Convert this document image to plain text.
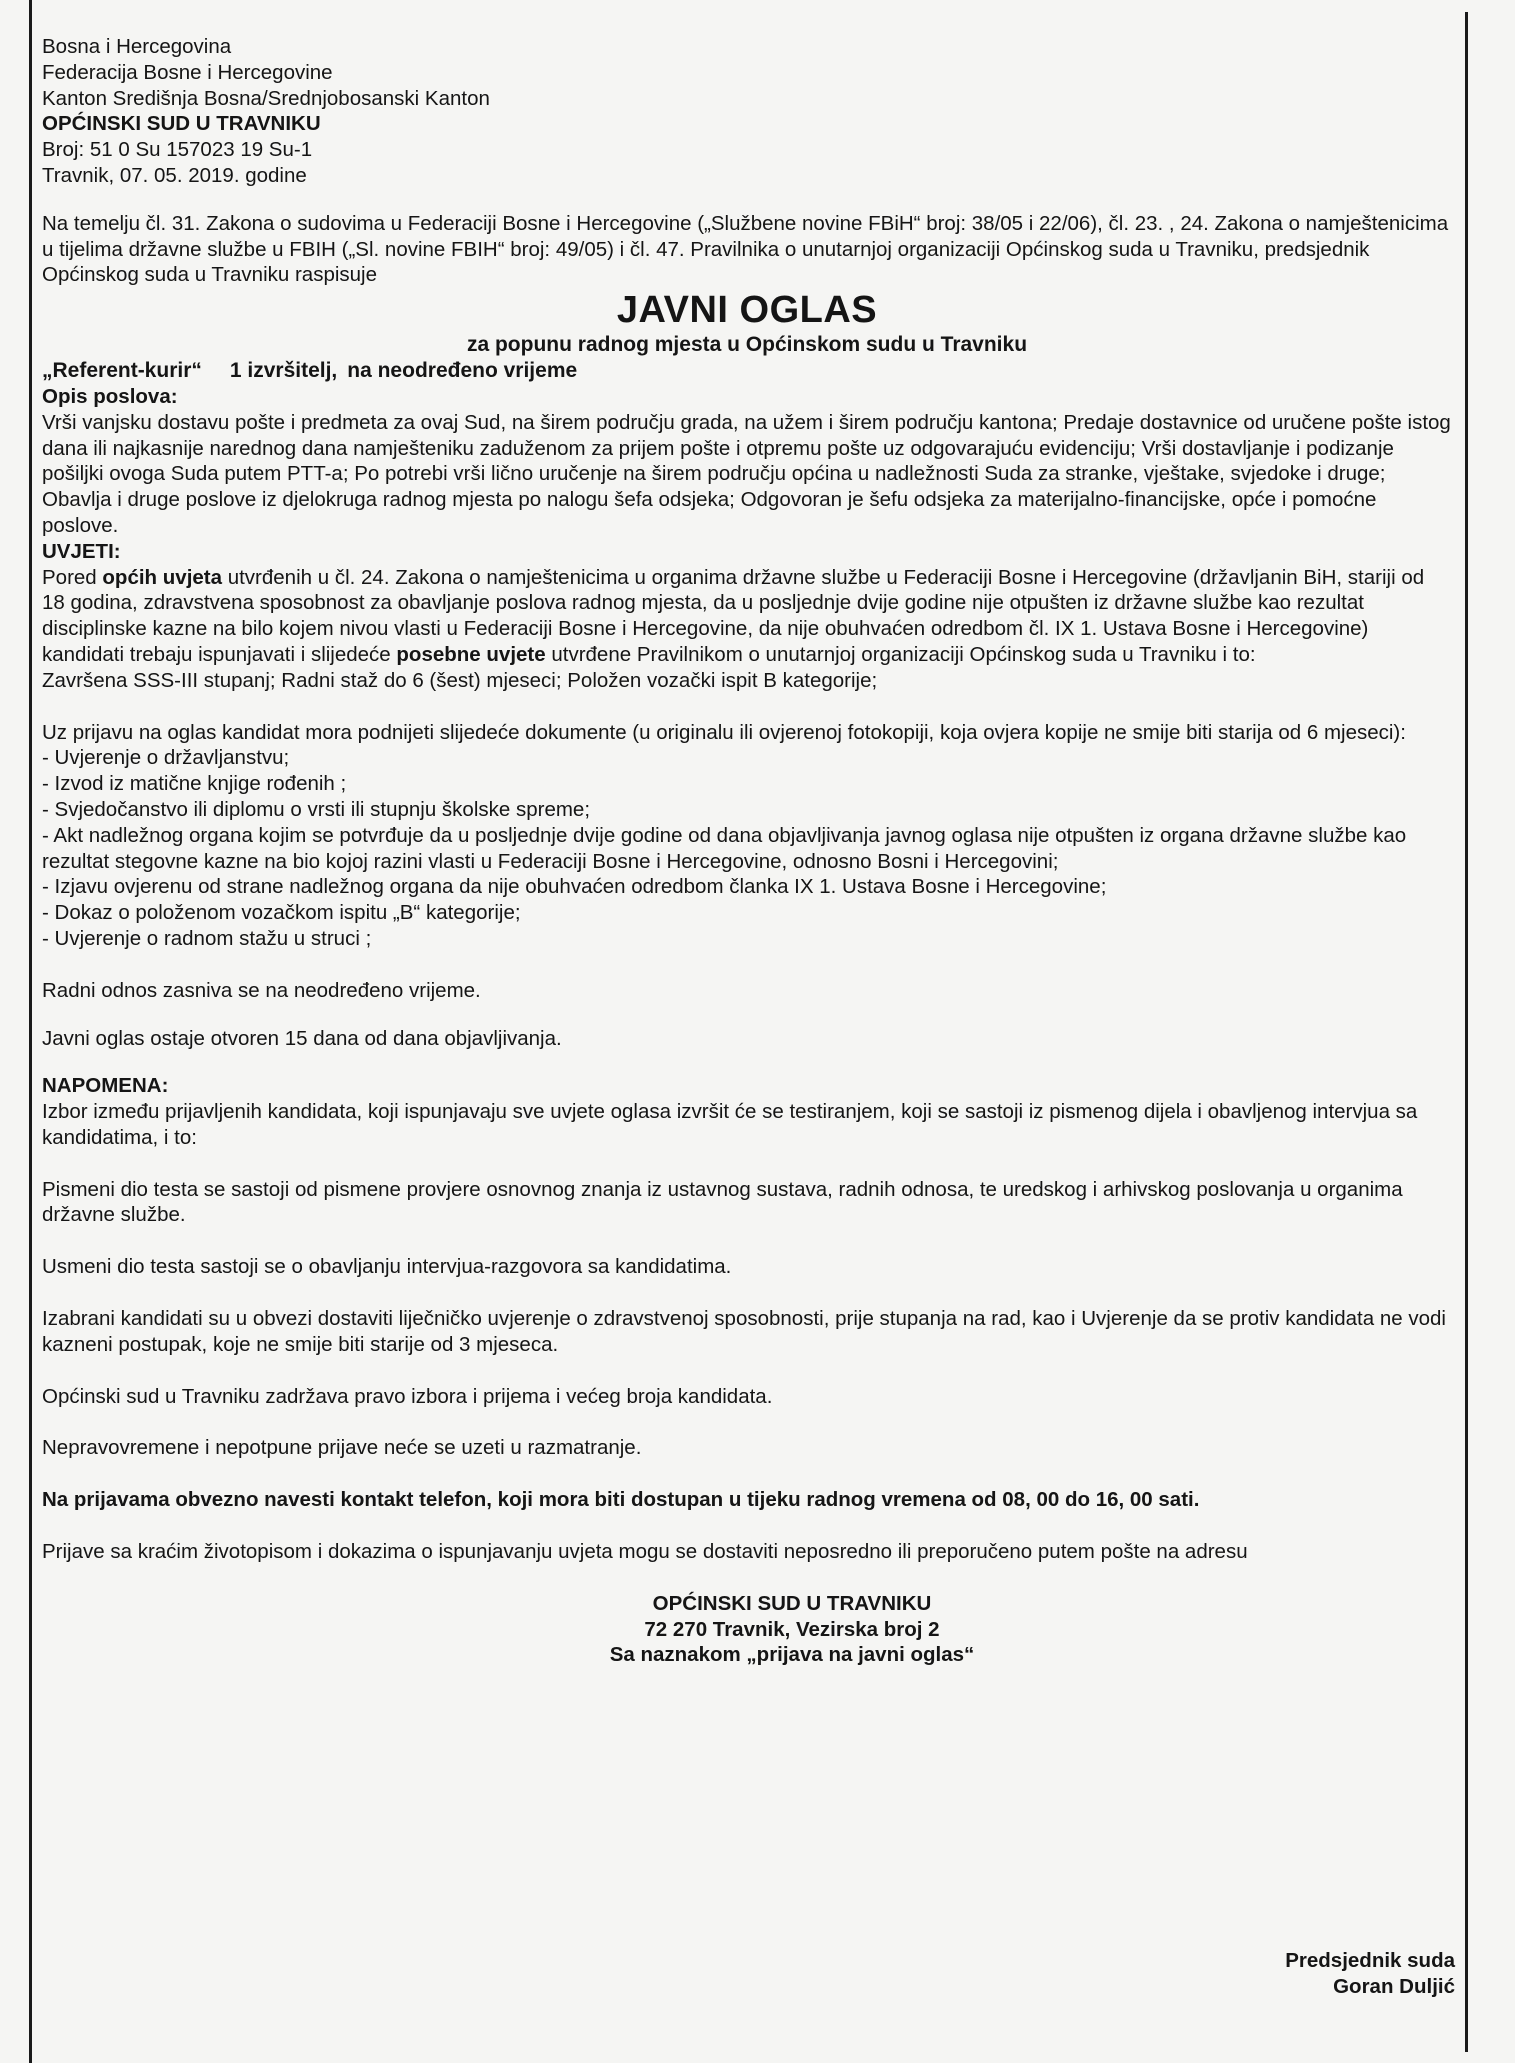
Bosna i Hercegovina

Federacija Bosne i Hercegovine

Kanton Središnja Bosna/Srednjobosanski Kanton

OPĆINSKI SUD U TRAVNIKU

Broj: 51 0 Su 157023 19 Su-1

Travnik, 07. 05. 2019. godine

Na temelju čl. 31. Zakona o sudovima u Federaciji Bosne i Hercegovine („Službene novine FBiH“ broj: 38/05 i 22/06), čl. 23. , 24. Zakona o namještenicima u tijelima državne službe u FBIH („Sl. novine FBIH“ broj: 49/05) i čl. 47. Pravilnika o unutarnjoj organizaciji Općinskog suda u Travniku, predsjednik Općinskog suda u Travniku raspisuje

JAVNI OGLAS

za popunu radnog mjesta u Općinskom sudu u Travniku

„Referent-kurir“ 1 izvršitelj, na neodređeno vrijeme

Opis poslova:

Vrši vanjsku dostavu pošte i predmeta za ovaj Sud, na širem području grada, na užem i širem području kantona; Predaje dostavnice od uručene pošte istog dana ili najkasnije narednog dana namješteniku zaduženom za prijem pošte i otpremu pošte uz odgovarajuću evidenciju; Vrši dostavljanje i podizanje pošiljki ovoga Suda putem PTT-a; Po potrebi vrši lično uručenje na širem području općina u nadležnosti Suda za stranke, vještake, svjedoke i druge; Obavlja i druge poslove iz djelokruga radnog mjesta po nalogu šefa odsjeka; Odgovoran je šefu odsjeka za materijalno-financijske, opće i pomoćne poslove.

UVJETI:

Pored općih uvjeta utvrđenih u čl. 24. Zakona o namještenicima u organima državne službe u Federaciji Bosne i Hercegovine (državljanin BiH, stariji od 18 godina, zdravstvena sposobnost za obavljanje poslova radnog mjesta, da u posljednje dvije godine nije otpušten iz državne službe kao rezultat disciplinske kazne na bilo kojem nivou vlasti u Federaciji Bosne i Hercegovine, da nije obuhvaćen odredbom čl. IX 1. Ustava Bosne i Hercegovine) kandidati trebaju ispunjavati i slijedeće posebne uvjete utvrđene Pravilnikom o unutarnjoj organizaciji Općinskog suda u Travniku i to:

Završena SSS-III stupanj; Radni staž do 6 (šest) mjeseci; Položen vozački ispit B kategorije;

Uz prijavu na oglas kandidat mora podnijeti slijedeće dokumente (u originalu ili ovjerenoj fotokopiji, koja ovjera kopije ne smije biti starija od 6 mjeseci):

- Uvjerenje o državljanstvu;

- Izvod iz matične knjige rođenih ;

- Svjedočanstvo ili diplomu o vrsti ili stupnju školske spreme;

- Akt nadležnog organa kojim se potvrđuje da u posljednje dvije godine od dana objavljivanja javnog oglasa nije otpušten iz organa državne službe kao rezultat stegovne kazne na bio kojoj razini vlasti u Federaciji Bosne i Hercegovine, odnosno Bosni i Hercegovini;

- Izjavu ovjerenu od strane nadležnog organa da nije obuhvaćen odredbom članka IX 1. Ustava Bosne i Hercegovine;

- Dokaz o položenom vozačkom ispitu „B“ kategorije;

- Uvjerenje o radnom stažu u struci ;

Radni odnos zasniva se na neodređeno vrijeme.

Javni oglas ostaje otvoren 15 dana od dana objavljivanja.

NAPOMENA:

Izbor između prijavljenih kandidata, koji ispunjavaju sve uvjete oglasa izvršit će se testiranjem, koji se sastoji iz pismenog dijela i obavljenog intervjua sa kandidatima, i to:

Pismeni dio testa se sastoji od pismene provjere osnovnog znanja iz ustavnog sustava, radnih odnosa, te uredskog i arhivskog poslovanja u organima državne službe.

Usmeni dio testa sastoji se o obavljanju intervjua-razgovora sa kandidatima.

Izabrani kandidati su u obvezi dostaviti liječničko uvjerenje o zdravstvenoj sposobnosti, prije stupanja na rad, kao i Uvjerenje da se protiv kandidata ne vodi kazneni postupak, koje ne smije biti starije od 3 mjeseca.

Općinski sud u Travniku zadržava pravo izbora i prijema i većeg broja kandidata.

Nepravovremene i nepotpune prijave neće se uzeti u razmatranje.

Na prijavama obvezno navesti kontakt telefon, koji mora biti dostupan u tijeku radnog vremena od 08, 00 do 16, 00 sati.

Prijave sa kraćim životopisom i dokazima o ispunjavanju uvjeta mogu se dostaviti neposredno ili preporučeno putem pošte na adresu

OPĆINSKI SUD U TRAVNIKU

72 270 Travnik, Vezirska broj 2

Sa naznakom „prijava na javni oglas“

Predsjednik suda

Goran Duljić
